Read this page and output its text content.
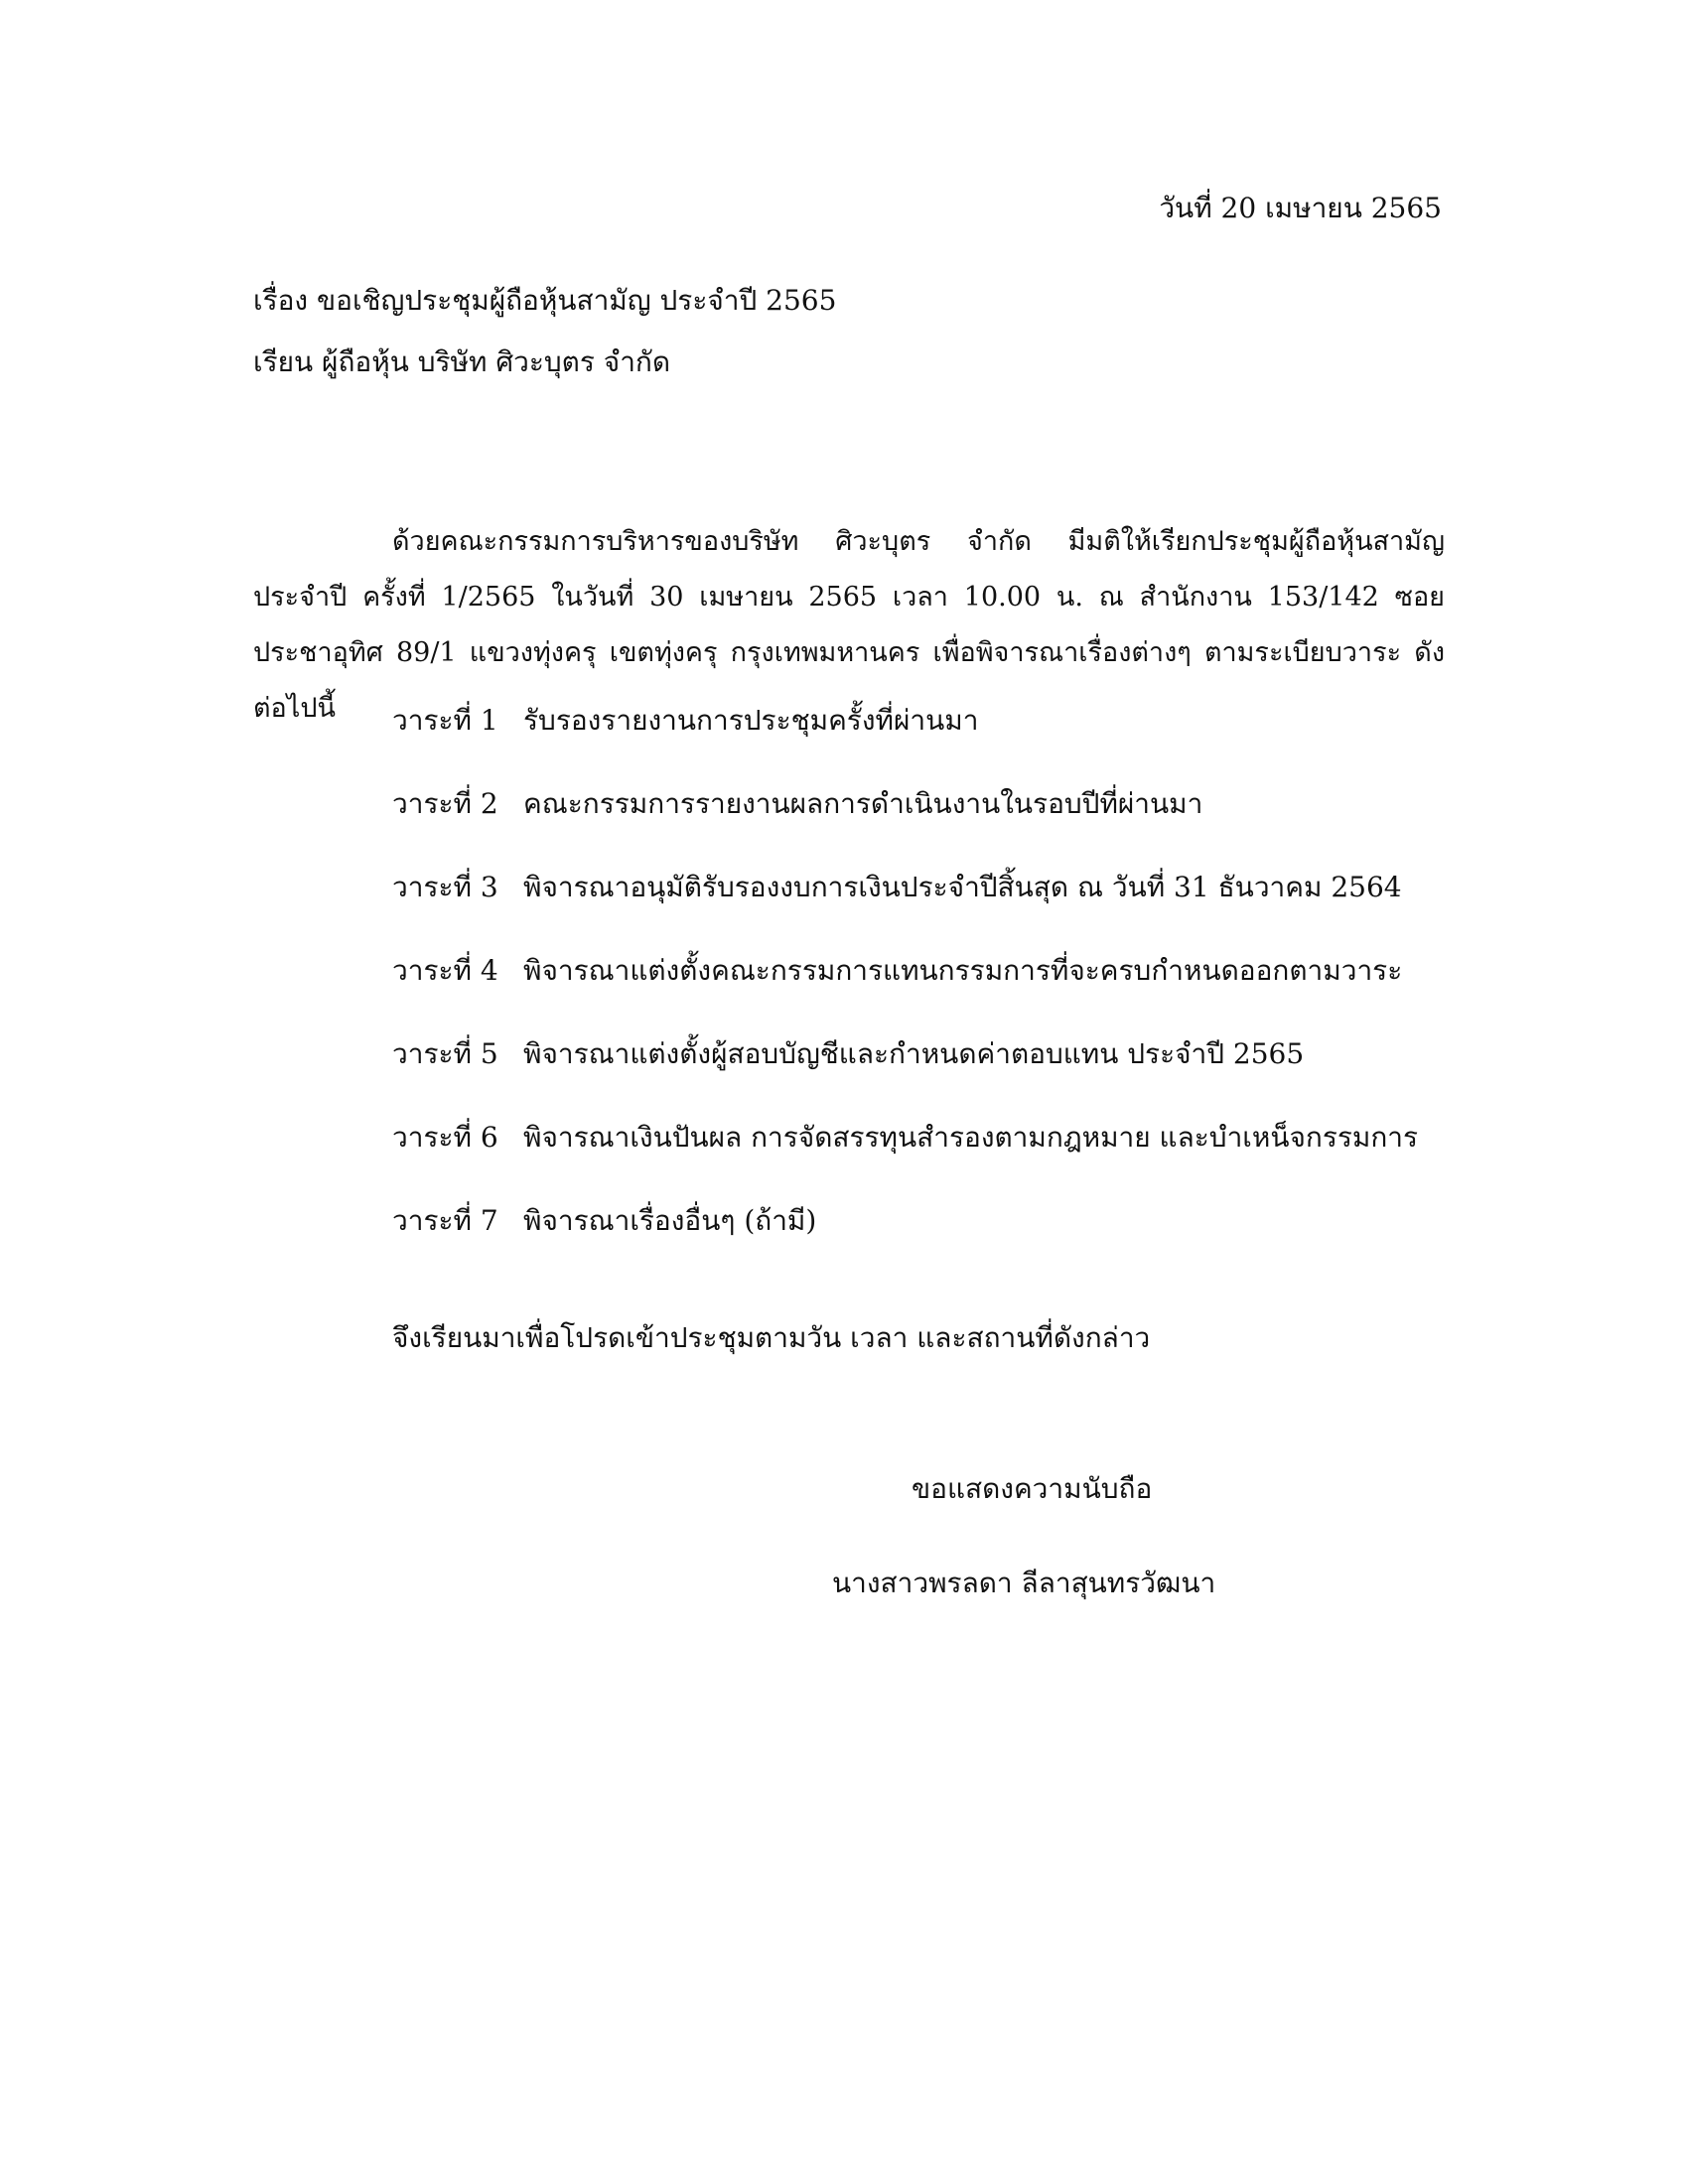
วันที่ 20 เมษายน 2565
เรื่อง ขอเชิญประชุมผู้ถือหุ้นสามัญ ประจำปี 2565
เรียน ผู้ถือหุ้น บริษัท ศิวะบุตร จำกัด
ด้วยคณะกรรมการบริหารของบริษัท ศิวะบุตร จำกัด มีมติให้เรียกประชุมผู้ถือหุ้นสามัญ ประจำปี ครั้งที่ 1/2565 ในวันที่ 30 เมษายน 2565 เวลา 10.00 น. ณ สำนักงาน 153/142 ซอยประชาอุทิศ 89/1 แขวงทุ่งครุ เขตทุ่งครุ กรุงเทพมหานคร เพื่อพิจารณาเรื่องต่างๆ ตามระเบียบวาระ ดังต่อไปนี้	วาระที่ 1 รับรองรายงานการประชุมครั้งที่ผ่านมา
วาระที่ 2 คณะกรรมการรายงานผลการดำเนินงานในรอบปีที่ผ่านมา
วาระที่ 3 พิจารณาอนุมัติรับรองงบการเงินประจำปีสิ้นสุด ณ วันที่ 31 ธันวาคม 2564
วาระที่ 4 พิจารณาแต่งตั้งคณะกรรมการแทนกรรมการที่จะครบกำหนดออกตามวาระ
วาระที่ 5 พิจารณาแต่งตั้งผู้สอบบัญชีและกำหนดค่าตอบแทน ประจำปี 2565
วาระที่ 6 พิจารณาเงินปันผล การจัดสรรทุนสำรองตามกฎหมาย และบำเหน็จกรรมการ
วาระที่ 7 พิจารณาเรื่องอื่นๆ (ถ้ามี)
จึงเรียนมาเพื่อโปรดเข้าประชุมตามวัน เวลา และสถานที่ดังกล่าว
ขอแสดงความนับถือ
นางสาวพรลดา ลีลาสุนทรวัฒนา
